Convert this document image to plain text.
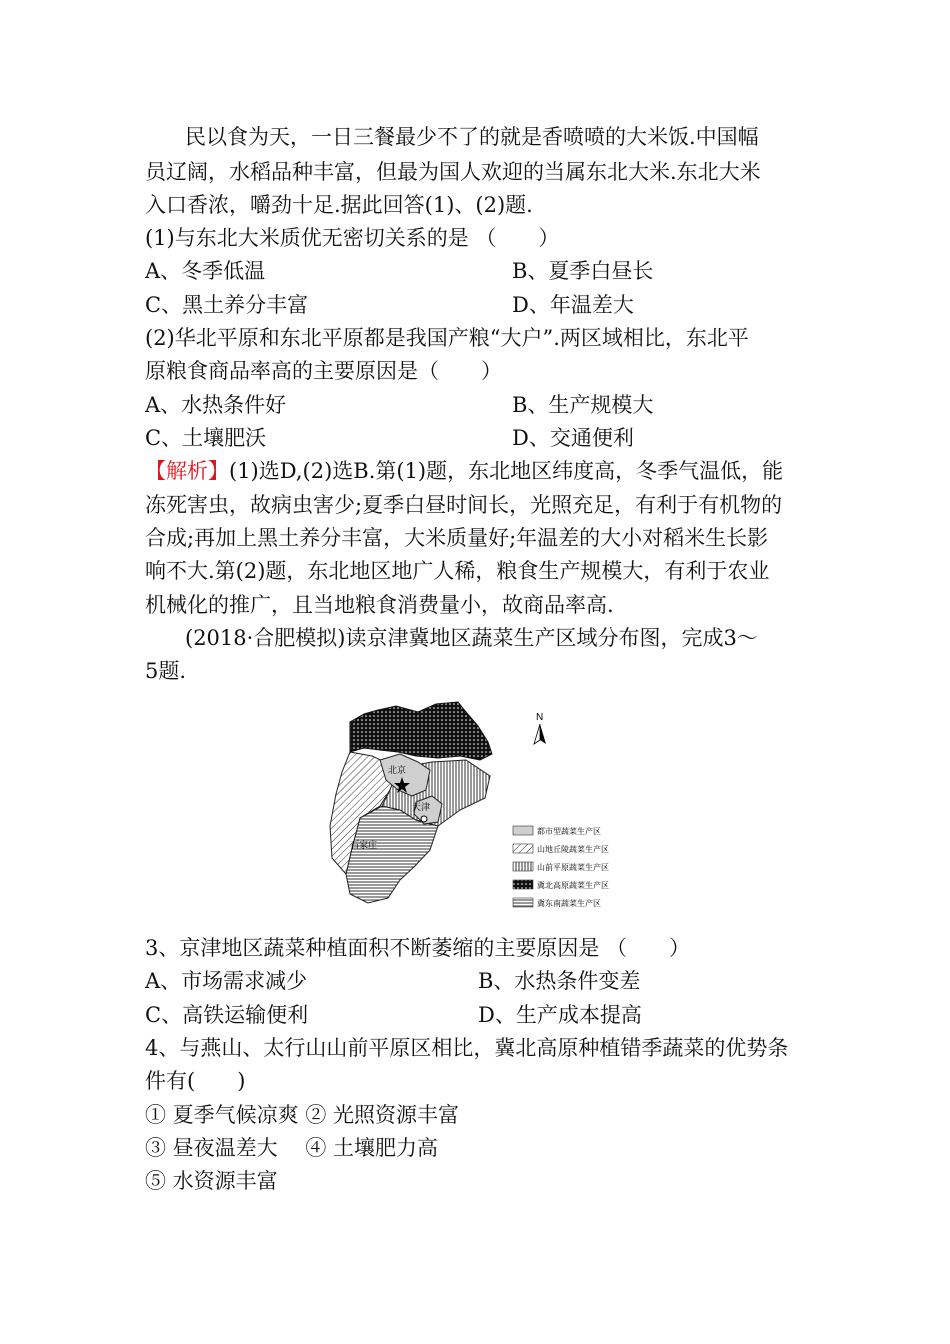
民以食为天，一日三餐最少不了的就是香喷喷的大米饭.中国幅
员辽阔，水稻品种丰富，但最为国人欢迎的当属东北大米.东北大米
入口香浓，嚼劲十足.据此回答(1)、(2)题.
(1)与东北大米质优无密切关系的是 （　　）
A、冬季低温	B、夏季白昼长
C、黑土养分丰富	D、年温差大
(2)华北平原和东北平原都是我国产粮“大户”.两区域相比，东北平
原粮食商品率高的主要原因是（　　）
A、水热条件好	B、生产规模大
C、土壤肥沃	D、交通便利
【解析】(1)选D,(2)选B.第(1)题，东北地区纬度高，冬季气温低，能
冻死害虫，故病虫害少;夏季白昼时间长，光照充足，有利于有机物的
合成;再加上黑土养分丰富，大米质量好;年温差的大小对稻米生长影
响不大.第(2)题，东北地区地广人稀，粮食生产规模大，有利于农业
机械化的推广，且当地粮食消费量小，故商品率高.
(2018·合肥模拟)读京津冀地区蔬菜生产区域分布图，完成3～
5题.
北京
天津
石家庄
N
都市型蔬菜生产区
山地丘陵蔬菜生产区
山前平原蔬菜生产区
冀北高原蔬菜生产区
冀东南蔬菜生产区
3、京津地区蔬菜种植面积不断萎缩的主要原因是 （　　）
A、市场需求减少	B、水热条件变差
C、高铁运输便利	D、生产成本提高
4、与燕山、太行山山前平原区相比，冀北高原种植错季蔬菜的优势条
件有(　　)
① 夏季气候凉爽 ② 光照资源丰富
③ 昼夜温差大　 ④ 土壤肥力高
⑤ 水资源丰富
